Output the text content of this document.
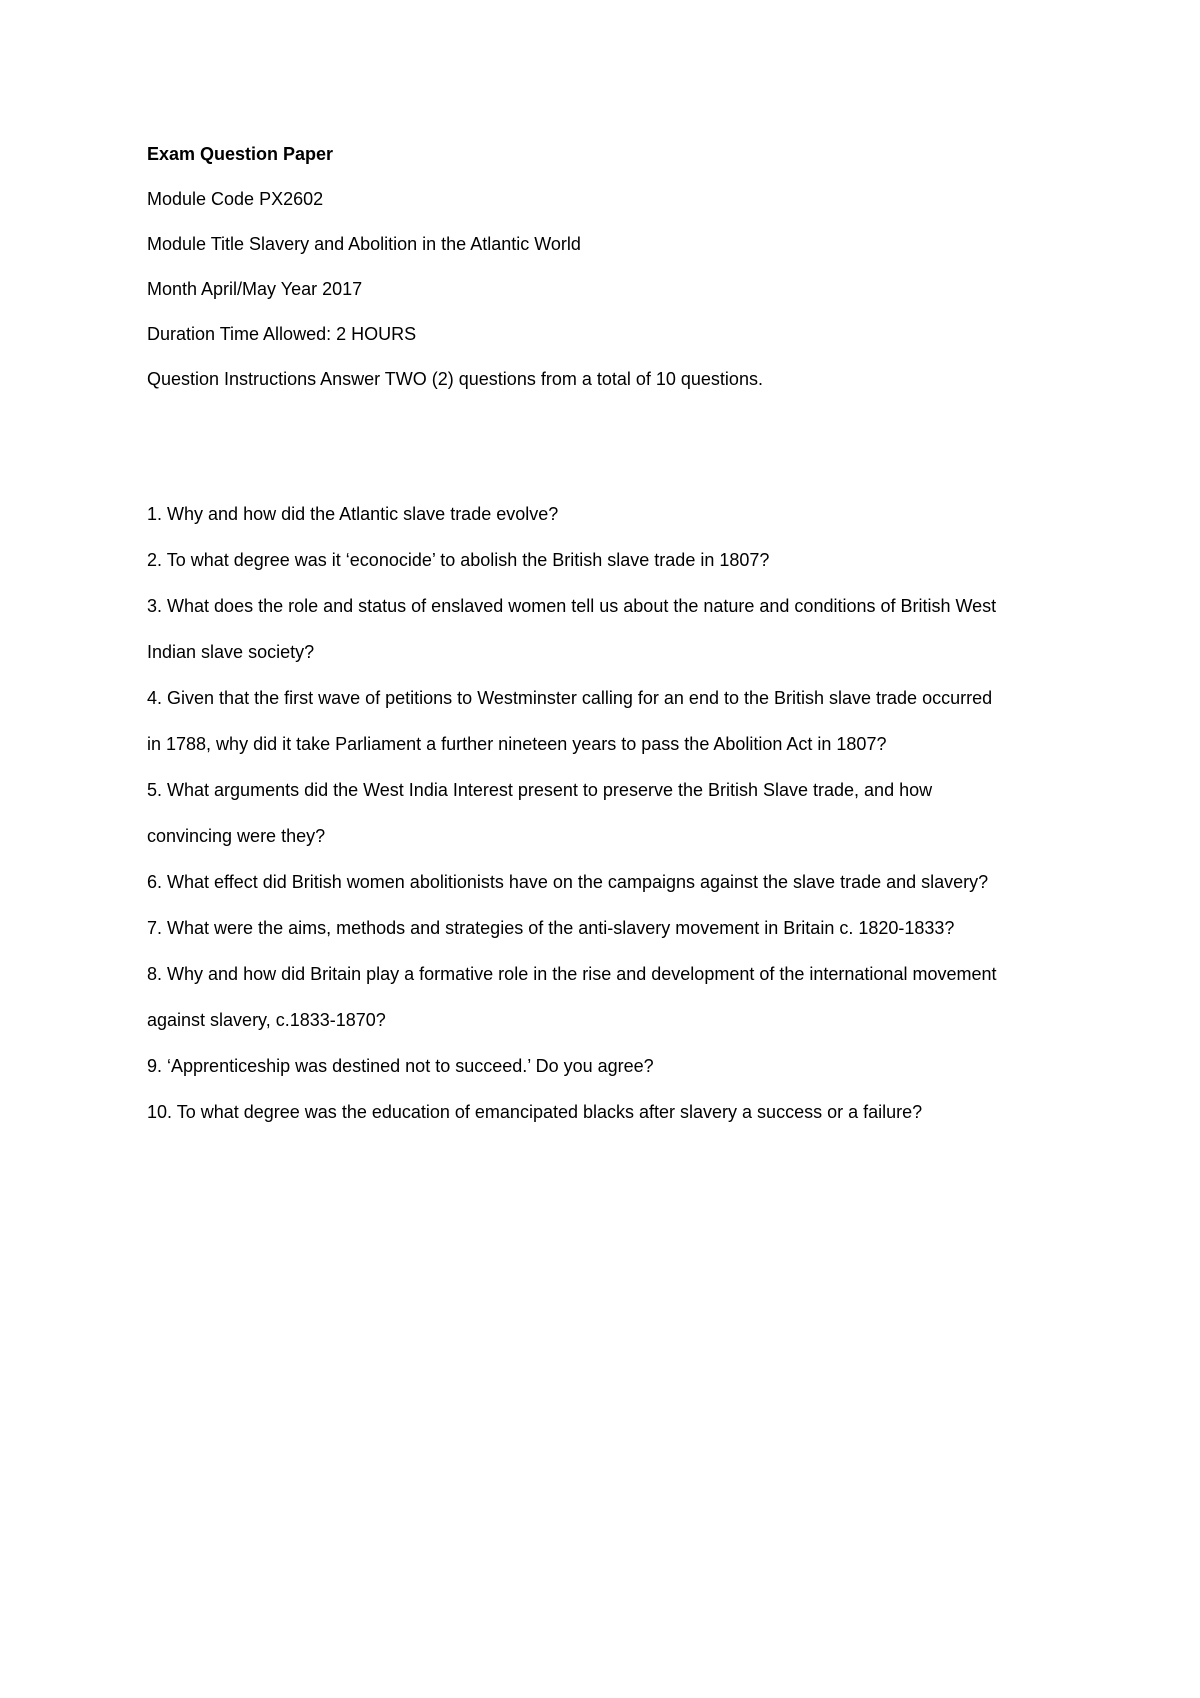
Exam Question Paper
Module Code PX2602
Module Title Slavery and Abolition in the Atlantic World
Month April/May Year 2017
Duration Time Allowed: 2 HOURS
Question Instructions Answer TWO (2) questions from a total of 10 questions.
1. Why and how did the Atlantic slave trade evolve?
2. To what degree was it ‘econocide’ to abolish the British slave trade in 1807?
3. What does the role and status of enslaved women tell us about the nature and conditions of British West Indian slave society?
4. Given that the first wave of petitions to Westminster calling for an end to the British slave trade occurred in 1788, why did it take Parliament a further nineteen years to pass the Abolition Act in 1807?
5. What arguments did the West India Interest present to preserve the British Slave trade, and how convincing were they?
6. What effect did British women abolitionists have on the campaigns against the slave trade and slavery?
7. What were the aims, methods and strategies of the anti-slavery movement in Britain c. 1820-1833?
8. Why and how did Britain play a formative role in the rise and development of the international movement against slavery, c.1833-1870?
9. ‘Apprenticeship was destined not to succeed.’ Do you agree?
10. To what degree was the education of emancipated blacks after slavery a success or a failure?
